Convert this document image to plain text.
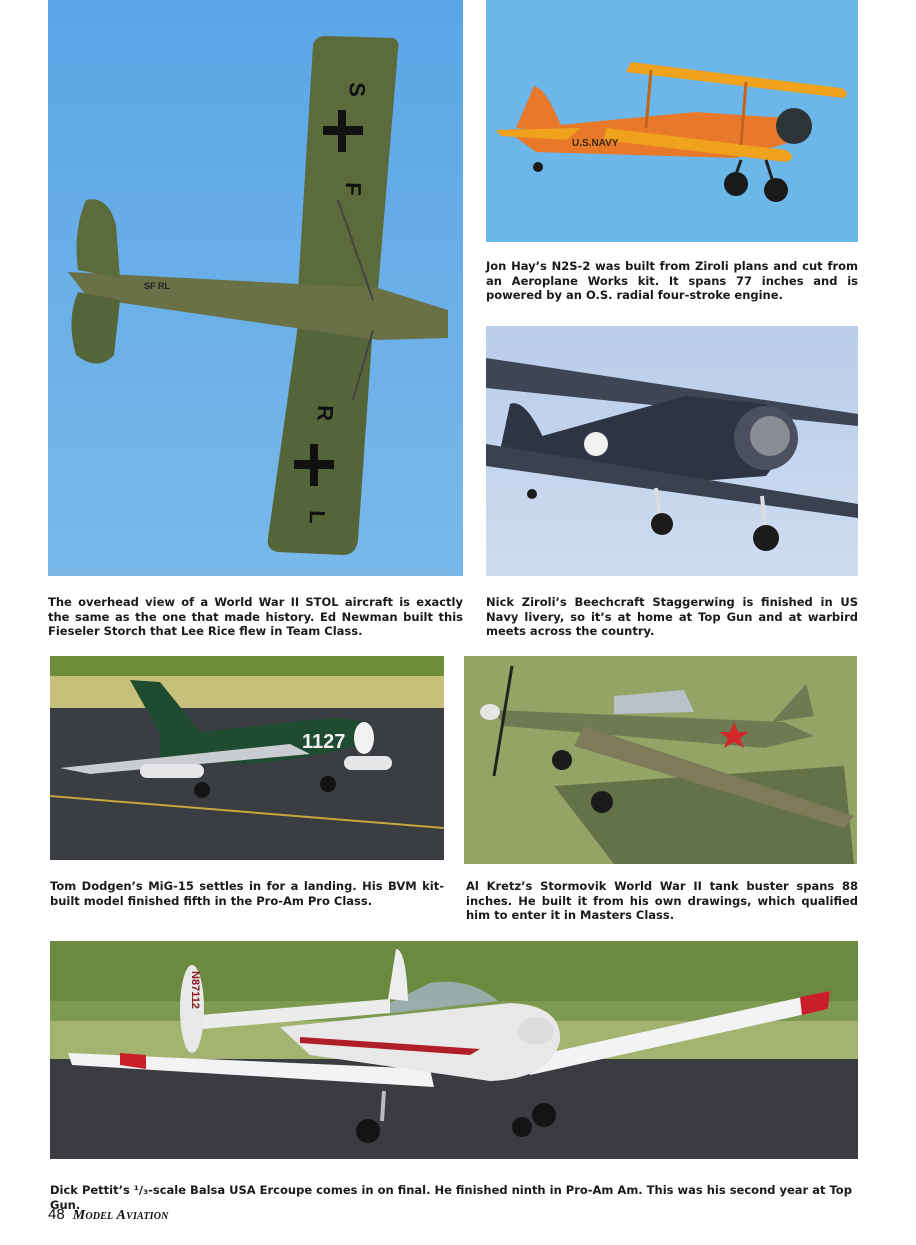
S
F
R
L
SF RL
U.S.NAVY
Jon Hay’s N2S-2 was built from Ziroli plans and cut from an Aeroplane Works kit. It spans 77 inches and is powered by an O.S. radial four-stroke engine.
The overhead view of a World War II STOL aircraft is exactly the same as the one that made history. Ed Newman built this Fieseler Storch that Lee Rice flew in Team Class.
Nick Ziroli’s Beechcraft Staggerwing is finished in US Navy livery, so it’s at home at Top Gun and at warbird meets across the country.
1127
Tom Dodgen’s MiG-15 settles in for a landing. His BVM kit-built model finished fifth in the Pro-Am Pro Class.
Al Kretz’s Stormovik World War II tank buster spans 88 inches. He built it from his own drawings, which qualified him to enter it in Masters Class.
N87112
Dick Pettit’s ¹/₃-scale Balsa USA Ercoupe comes in on final. He finished ninth in Pro-Am Am. This was his second year at Top Gun.
48 Model Aviation
